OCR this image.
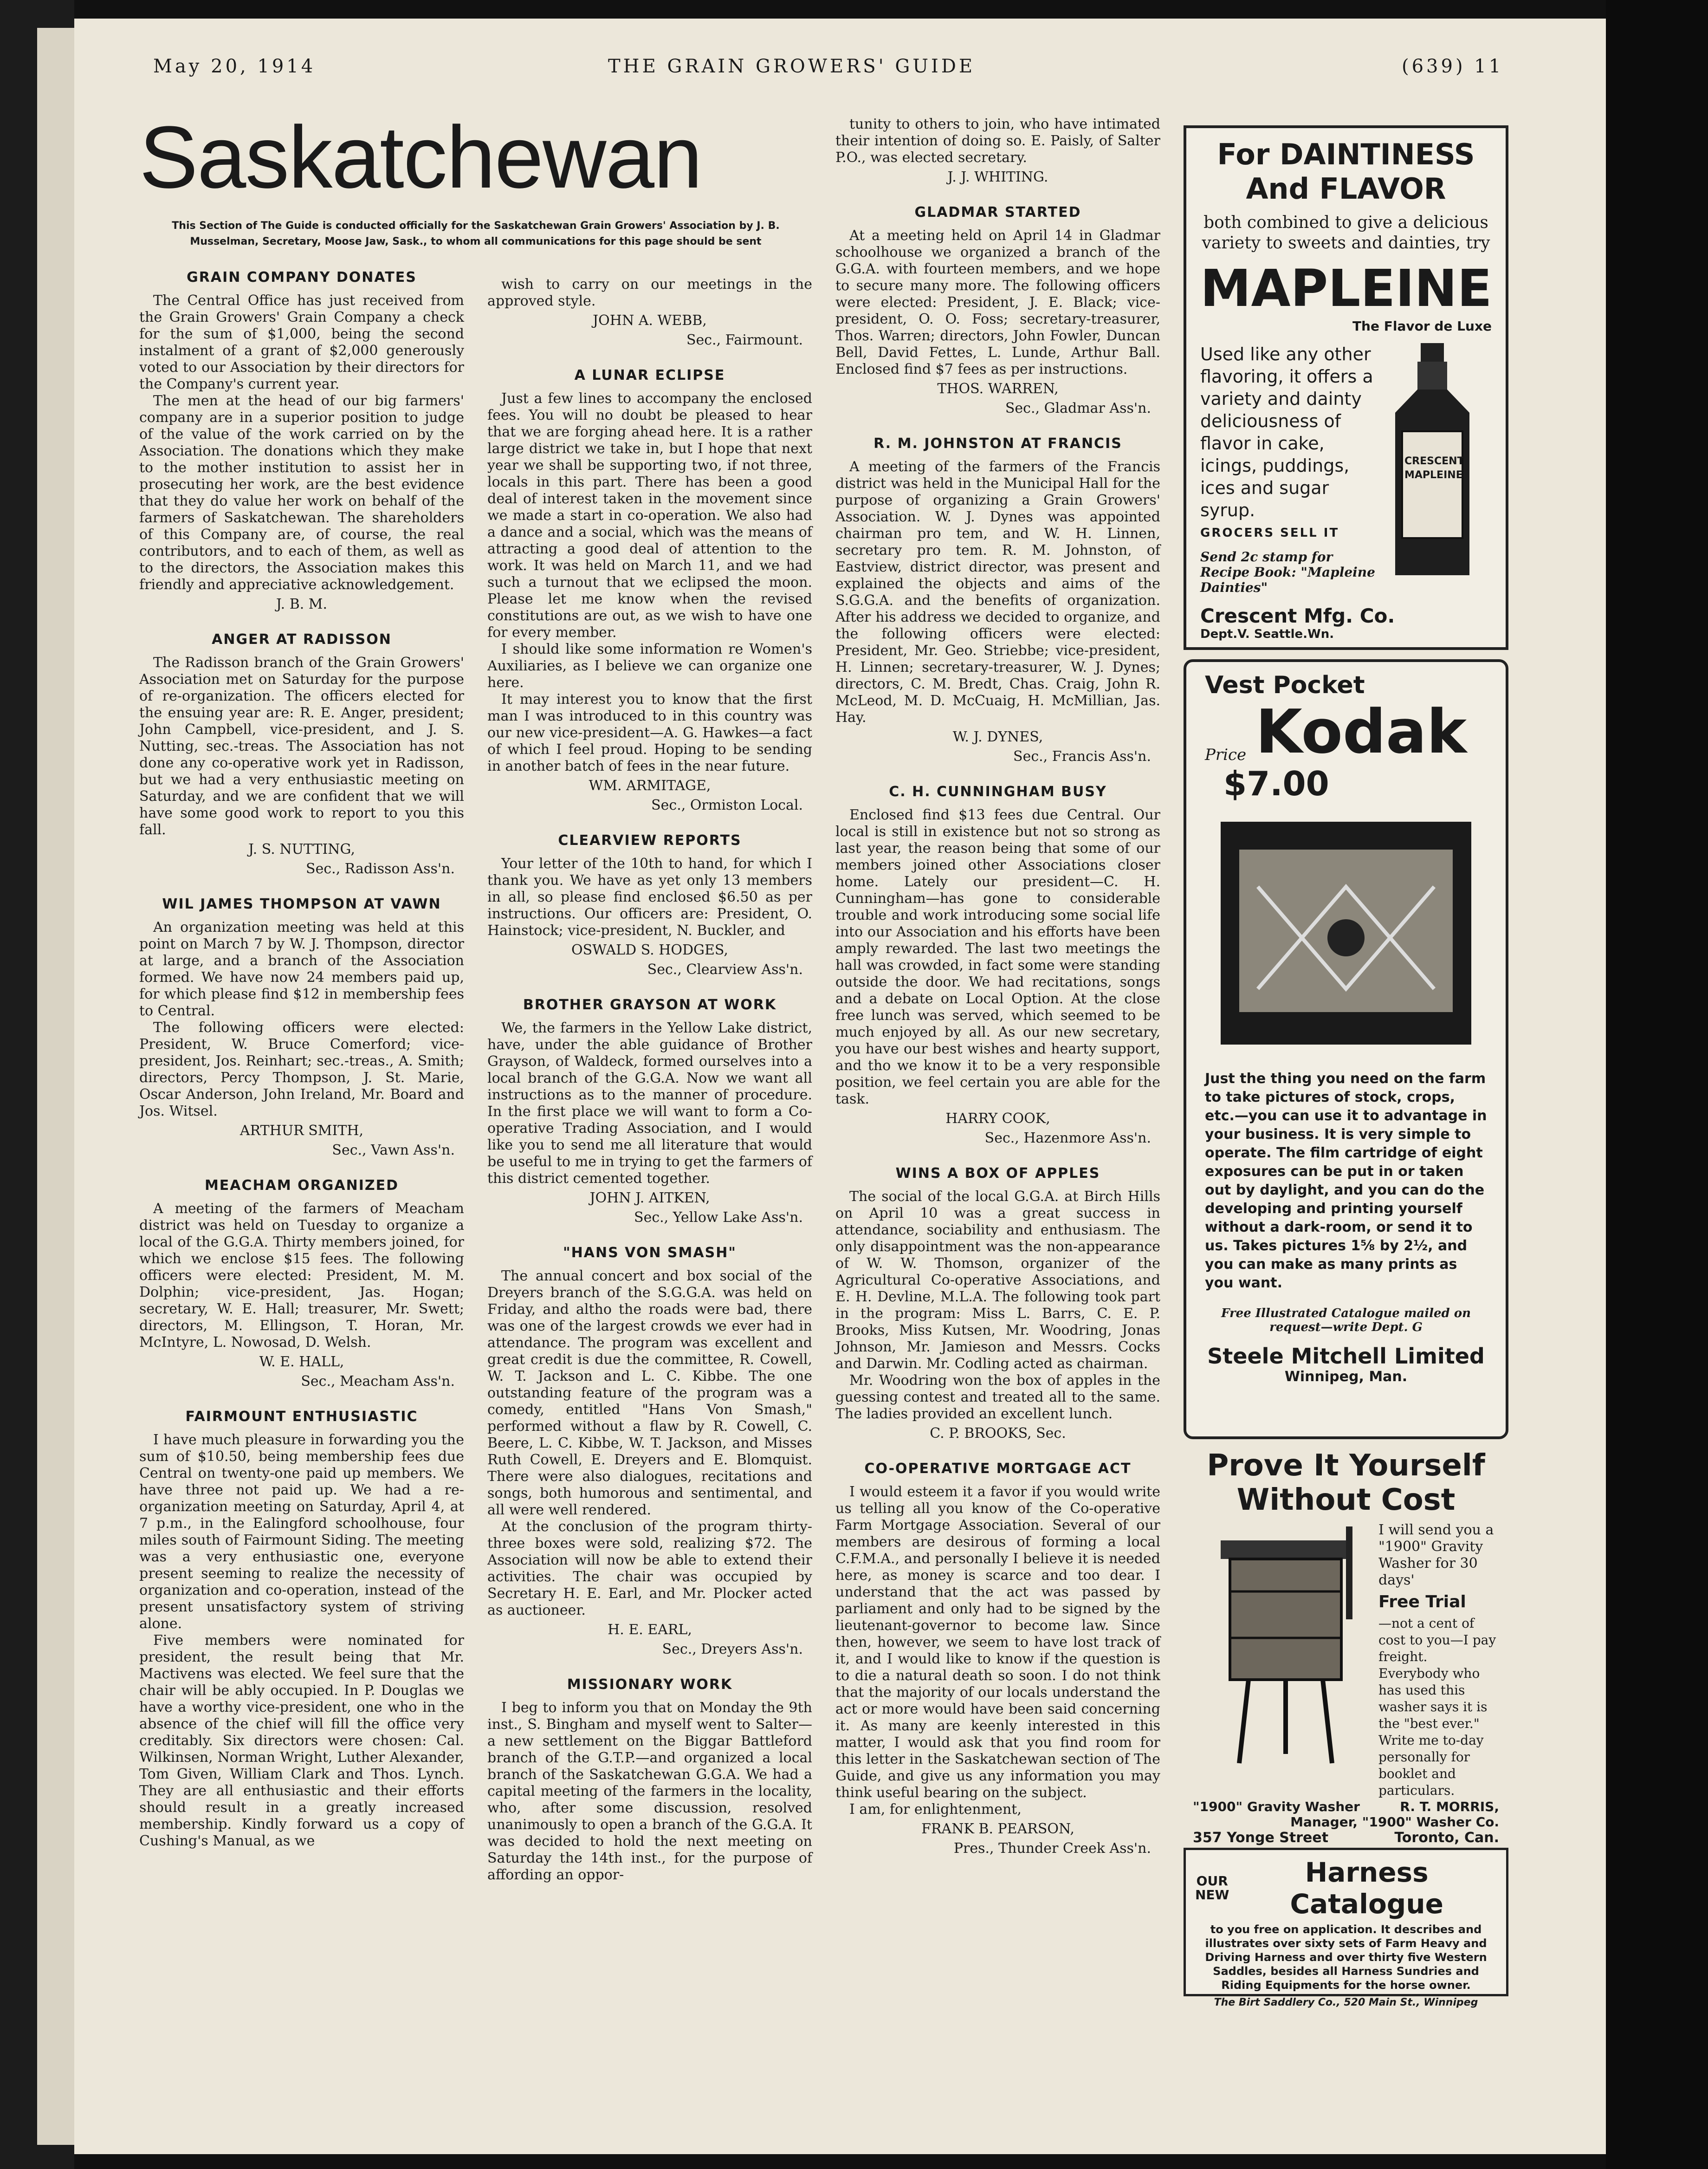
May 20, 1914	THE GRAIN GROWERS' GUIDE	(639) 11
Saskatchewan
This Section of The Guide is conducted officially for the Saskatchewan Grain Growers' Association by J. B. Musselman, Secretary, Moose Jaw, Sask., to whom all communications for this page should be sent
GRAIN COMPANY DONATES

The Central Office has just received from the Grain Growers' Grain Company a check for the sum of $1,000, being the second instalment of a grant of $2,000 generously voted to our Association by their directors for the Company's current year.

The men at the head of our big farmers' company are in a superior position to judge of the value of the work carried on by the Association. The donations which they make to the mother institution to assist her in prosecuting her work, are the best evidence that they do value her work on behalf of the farmers of Saskatchewan. The shareholders of this Company are, of course, the real contributors, and to each of them, as well as to the directors, the Association makes this friendly and appreciative acknowledgement.

J. B. M.
ANGER AT RADISSON

The Radisson branch of the Grain Growers' Association met on Saturday for the purpose of re-organization. The officers elected for the ensuing year are: R. E. Anger, president; John Campbell, vice-president, and J. S. Nutting, sec.-treas. The Association has not done any co-operative work yet in Radisson, but we had a very enthusiastic meeting on Saturday, and we are confident that we will have some good work to report to you this fall.

J. S. NUTTING,
Sec., Radisson Ass'n.
WIL JAMES THOMPSON AT VAWN

An organization meeting was held at this point on March 7 by W. J. Thompson, director at large, and a branch of the Association formed. We have now 24 members paid up, for which please find $12 in membership fees to Central.

The following officers were elected: President, W. Bruce Comerford; vice-president, Jos. Reinhart; sec.-treas., A. Smith; directors, Percy Thompson, J. St. Marie, Oscar Anderson, John Ireland, Mr. Board and Jos. Witsel.

ARTHUR SMITH,
Sec., Vawn Ass'n.
MEACHAM ORGANIZED

A meeting of the farmers of Meacham district was held on Tuesday to organize a local of the G.G.A. Thirty members joined, for which we enclose $15 fees. The following officers were elected: President, M. M. Dolphin; vice-president, Jas. Hogan; secretary, W. E. Hall; treasurer, Mr. Swett; directors, M. Ellingson, T. Horan, Mr. McIntyre, L. Nowosad, D. Welsh.

W. E. HALL,
Sec., Meacham Ass'n.
FAIRMOUNT ENTHUSIASTIC

I have much pleasure in forwarding you the sum of $10.50, being membership fees due Central on twenty-one paid up members. We have three not paid up. We had a re-organization meeting on Saturday, April 4, at 7 p.m., in the Ealingford schoolhouse, four miles south of Fairmount Siding. The meeting was a very enthusiastic one, everyone present seeming to realize the necessity of organization and co-operation, instead of the present unsatisfactory system of striving alone.

Five members were nominated for president, the result being that Mr. Mactivens was elected. We feel sure that the chair will be ably occupied. In P. Douglas we have a worthy vice-president, one who in the absence of the chief will fill the office very creditably. Six directors were chosen: Cal. Wilkinsen, Norman Wright, Luther Alexander, Tom Given, William Clark and Thos. Lynch. They are all enthusiastic and their efforts should result in a greatly increased membership. Kindly forward us a copy of Cushing's Manual, as we

wish to carry on our meetings in the approved style.

JOHN A. WEBB,
Sec., Fairmount.
A LUNAR ECLIPSE

Just a few lines to accompany the enclosed fees. You will no doubt be pleased to hear that we are forging ahead here. It is a rather large district we take in, but I hope that next year we shall be supporting two, if not three, locals in this part. There has been a good deal of interest taken in the movement since we made a start in co-operation. We also had a dance and a social, which was the means of attracting a good deal of attention to the work. It was held on March 11, and we had such a turnout that we eclipsed the moon. Please let me know when the revised constitutions are out, as we wish to have one for every member.

I should like some information re Women's Auxiliaries, as I believe we can organize one here.

It may interest you to know that the first man I was introduced to in this country was our new vice-president—A. G. Hawkes—a fact of which I feel proud. Hoping to be sending in another batch of fees in the near future.

WM. ARMITAGE,
Sec., Ormiston Local.
CLEARVIEW REPORTS

Your letter of the 10th to hand, for which I thank you. We have as yet only 13 members in all, so please find enclosed $6.50 as per instructions. Our officers are: President, O. Hainstock; vice-president, N. Buckler, and

OSWALD S. HODGES,
Sec., Clearview Ass'n.
BROTHER GRAYSON AT WORK

We, the farmers in the Yellow Lake district, have, under the able guidance of Brother Grayson, of Waldeck, formed ourselves into a local branch of the G.G.A. Now we want all instructions as to the manner of procedure. In the first place we will want to form a Co-operative Trading Association, and I would like you to send me all literature that would be useful to me in trying to get the farmers of this district cemented together.

JOHN J. AITKEN,
Sec., Yellow Lake Ass'n.
"HANS VON SMASH"

The annual concert and box social of the Dreyers branch of the S.G.G.A. was held on Friday, and altho the roads were bad, there was one of the largest crowds we ever had in attendance. The program was excellent and great credit is due the committee, R. Cowell, W. T. Jackson and L. C. Kibbe. The one outstanding feature of the program was a comedy, entitled "Hans Von Smash," performed without a flaw by R. Cowell, C. Beere, L. C. Kibbe, W. T. Jackson, and Misses Ruth Cowell, E. Dreyers and E. Blomquist. There were also dialogues, recitations and songs, both humorous and sentimental, and all were well rendered.

At the conclusion of the program thirty-three boxes were sold, realizing $72. The Association will now be able to extend their activities. The chair was occupied by Secretary H. E. Earl, and Mr. Plocker acted as auctioneer.

H. E. EARL,
Sec., Dreyers Ass'n.
MISSIONARY WORK

I beg to inform you that on Monday the 9th inst., S. Bingham and myself went to Salter—a new settlement on the Biggar Battleford branch of the G.T.P.—and organized a local branch of the Saskatchewan G.G.A. We had a capital meeting of the farmers in the locality, who, after some discussion, resolved unanimously to open a branch of the G.G.A. It was decided to hold the next meeting on Saturday the 14th inst., for the purpose of affording an oppor-

tunity to others to join, who have intimated their intention of doing so. E. Paisly, of Salter P.O., was elected secretary.

J. J. WHITING.
GLADMAR STARTED

At a meeting held on April 14 in Gladmar schoolhouse we organized a branch of the G.G.A. with fourteen members, and we hope to secure many more. The following officers were elected: President, J. E. Black; vice-president, O. O. Foss; secretary-treasurer, Thos. Warren; directors, John Fowler, Duncan Bell, David Fettes, L. Lunde, Arthur Ball. Enclosed find $7 fees as per instructions.

THOS. WARREN,
Sec., Gladmar Ass'n.
R. M. JOHNSTON AT FRANCIS

A meeting of the farmers of the Francis district was held in the Municipal Hall for the purpose of organizing a Grain Growers' Association. W. J. Dynes was appointed chairman pro tem, and W. H. Linnen, secretary pro tem. R. M. Johnston, of Eastview, district director, was present and explained the objects and aims of the S.G.G.A. and the benefits of organization. After his address we decided to organize, and the following officers were elected: President, Mr. Geo. Striebbe; vice-president, H. Linnen; secretary-treasurer, W. J. Dynes; directors, C. M. Bredt, Chas. Craig, John R. McLeod, M. D. McCuaig, H. McMillian, Jas. Hay.

W. J. DYNES,
Sec., Francis Ass'n.
C. H. CUNNINGHAM BUSY

Enclosed find $13 fees due Central. Our local is still in existence but not so strong as last year, the reason being that some of our members joined other Associations closer home. Lately our president—C. H. Cunningham—has gone to considerable trouble and work introducing some social life into our Association and his efforts have been amply rewarded. The last two meetings the hall was crowded, in fact some were standing outside the door. We had recitations, songs and a debate on Local Option. At the close free lunch was served, which seemed to be much enjoyed by all. As our new secretary, you have our best wishes and hearty support, and tho we know it to be a very responsible position, we feel certain you are able for the task.

HARRY COOK,
Sec., Hazenmore Ass'n.
WINS A BOX OF APPLES

The social of the local G.G.A. at Birch Hills on April 10 was a great success in attendance, sociability and enthusiasm. The only disappointment was the non-appearance of W. W. Thomson, organizer of the Agricultural Co-operative Associations, and E. H. Devline, M.L.A. The following took part in the program: Miss L. Barrs, C. E. P. Brooks, Miss Kutsen, Mr. Woodring, Jonas Johnson, Mr. Jamieson and Messrs. Cocks and Darwin. Mr. Codling acted as chairman.

Mr. Woodring won the box of apples in the guessing contest and treated all to the same. The ladies provided an excellent lunch.

C. P. BROOKS, Sec.
CO-OPERATIVE MORTGAGE ACT

I would esteem it a favor if you would write us telling all you know of the Co-operative Farm Mortgage Association. Several of our members are desirous of forming a local C.F.M.A., and personally I believe it is needed here, as money is scarce and too dear. I understand that the act was passed by parliament and only had to be signed by the lieutenant-governor to become law. Since then, however, we seem to have lost track of it, and I would like to know if the question is to die a natural death so soon. I do not think that the majority of our locals understand the act or more would have been said concerning it. As many are keenly interested in this matter, I would ask that you find room for this letter in the Saskatchewan section of The Guide, and give us any information you may think useful bearing on the subject.

I am, for enlightenment,

FRANK B. PEARSON,
Pres., Thunder Creek Ass'n.
For DAINTINESS And FLAVOR
both combined to give a delicious variety to sweets and dainties, try
MAPLEINE
The Flavor de Luxe
Used like any other flavoring, it offers a variety and dainty deliciousness of flavor in cake, icings, puddings, ices and sugar syrup.
CRESCENT MAPLEINE
GROCERS SELL IT
Send 2c stamp for Recipe Book: "Mapleine Dainties"
Crescent Mfg. Co.
Dept.V. Seattle.Wn.
Vest Pocket
Price Kodak
$7.00
Just the thing you need on the farm to take pictures of stock, crops, etc.—you can use it to advantage in your business. It is very simple to operate. The film cartridge of eight exposures can be put in or taken out by daylight, and you can do the developing and printing yourself without a dark-room, or send it to us. Takes pictures 1⅝ by 2½, and you can make as many prints as you want.
Free Illustrated Catalogue mailed on request—write Dept. G
Steele Mitchell Limited
Winnipeg, Man.
Prove It Yourself Without Cost
I will send you a "1900" Gravity Washer for 30 days'
Free Trial
—not a cent of cost to you—I pay freight. Everybody who has used this washer says it is the "best ever." Write me to-day personally for booklet and particulars.
"1900" Gravity Washer	R. T. MORRIS,
Manager, "1900" Washer Co.
357 Yonge Street	Toronto, Can.
OUR
NEW
Harness Catalogue
to you free on application. It describes and illustrates over sixty sets of Farm Heavy and Driving Harness and over thirty five Western Saddles, besides all Harness Sundries and Riding Equipments for the horse owner.
The Birt Saddlery Co., 520 Main St., Winnipeg
